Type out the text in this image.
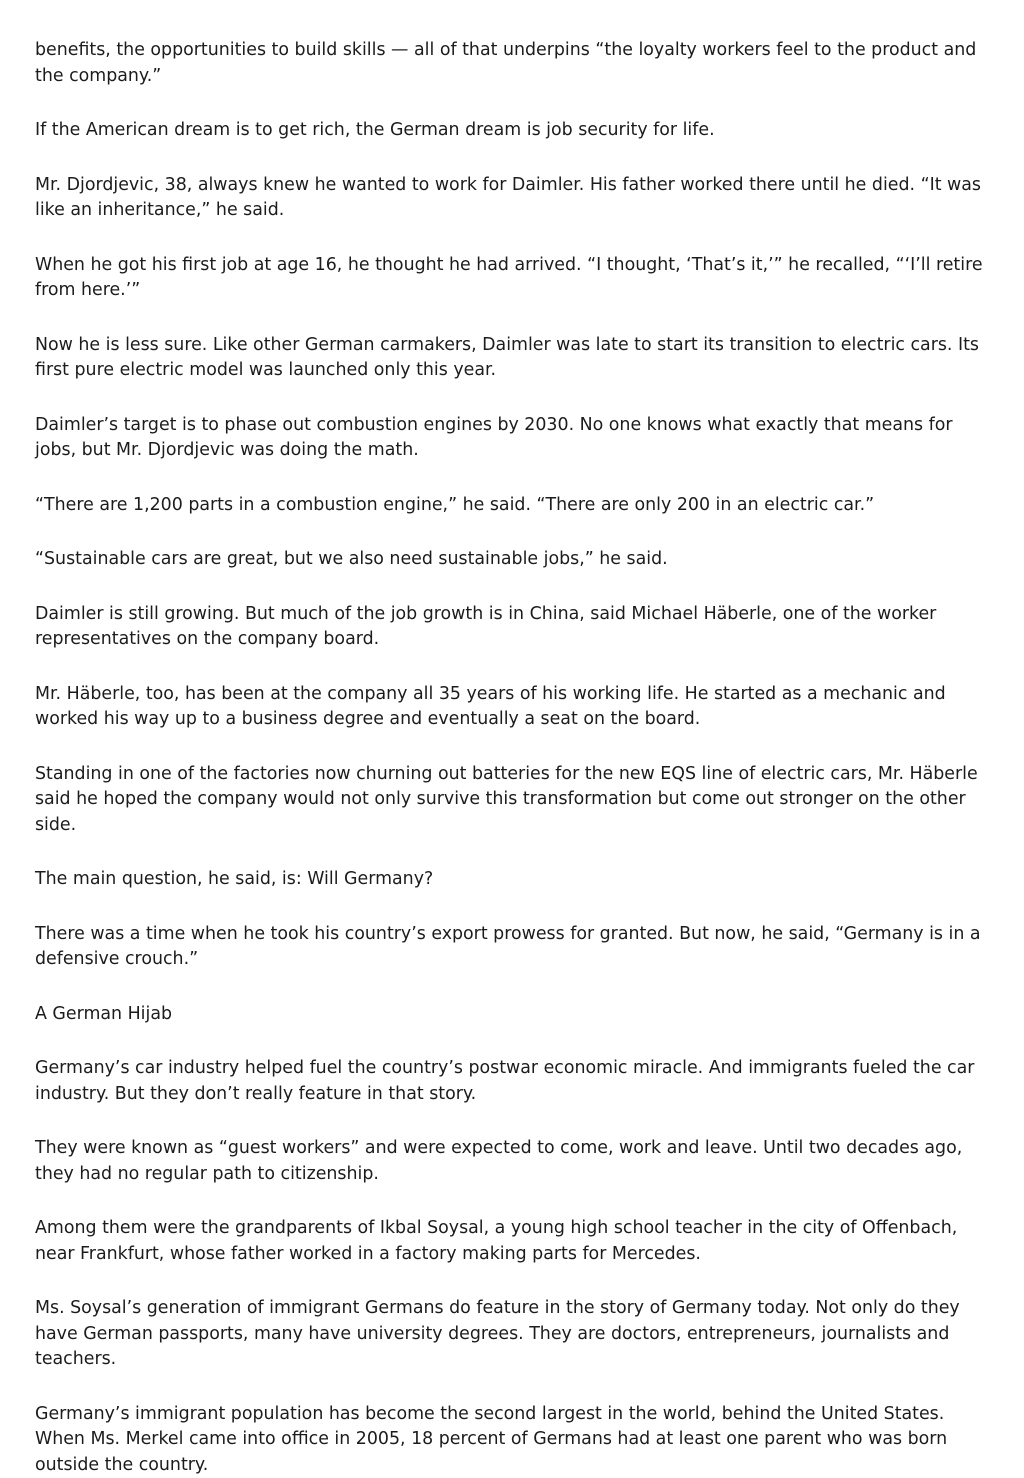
benefits, the opportunities to build skills — all of that underpins “the loyalty workers feel to the product and the company.”

If the American dream is to get rich, the German dream is job security for life.

Mr. Djordjevic, 38, always knew he wanted to work for Daimler. His father worked there until he died. “It was like an inheritance,” he said.

When he got his first job at age 16, he thought he had arrived. “I thought, ‘That’s it,’” he recalled, “‘I’ll retire from here.’”

Now he is less sure. Like other German carmakers, Daimler was late to start its transition to electric cars. Its first pure electric model was launched only this year.

Daimler’s target is to phase out combustion engines by 2030. No one knows what exactly that means for jobs, but Mr. Djordjevic was doing the math.

“There are 1,200 parts in a combustion engine,” he said. “There are only 200 in an electric car.”

“Sustainable cars are great, but we also need sustainable jobs,” he said.

Daimler is still growing. But much of the job growth is in China, said Michael Häberle, one of the worker representatives on the company board.

Mr. Häberle, too, has been at the company all 35 years of his working life. He started as a mechanic and worked his way up to a business degree and eventually a seat on the board.

Standing in one of the factories now churning out batteries for the new EQS line of electric cars, Mr. Häberle said he hoped the company would not only survive this transformation but come out stronger on the other side.

The main question, he said, is: Will Germany?

There was a time when he took his country’s export prowess for granted. But now, he said, “Germany is in a defensive crouch.”

A German Hijab

Germany’s car industry helped fuel the country’s postwar economic miracle. And immigrants fueled the car industry. But they don’t really feature in that story.

They were known as “guest workers” and were expected to come, work and leave. Until two decades ago, they had no regular path to citizenship.

Among them were the grandparents of Ikbal Soysal, a young high school teacher in the city of Offenbach, near Frankfurt, whose father worked in a factory making parts for Mercedes.

Ms. Soysal’s generation of immigrant Germans do feature in the story of Germany today. Not only do they have German passports, many have university degrees. They are doctors, entrepreneurs, journalists and teachers.

Germany’s immigrant population has become the second largest in the world, behind the United States. When Ms. Merkel came into office in 2005, 18 percent of Germans had at least one parent who was born outside the country.
